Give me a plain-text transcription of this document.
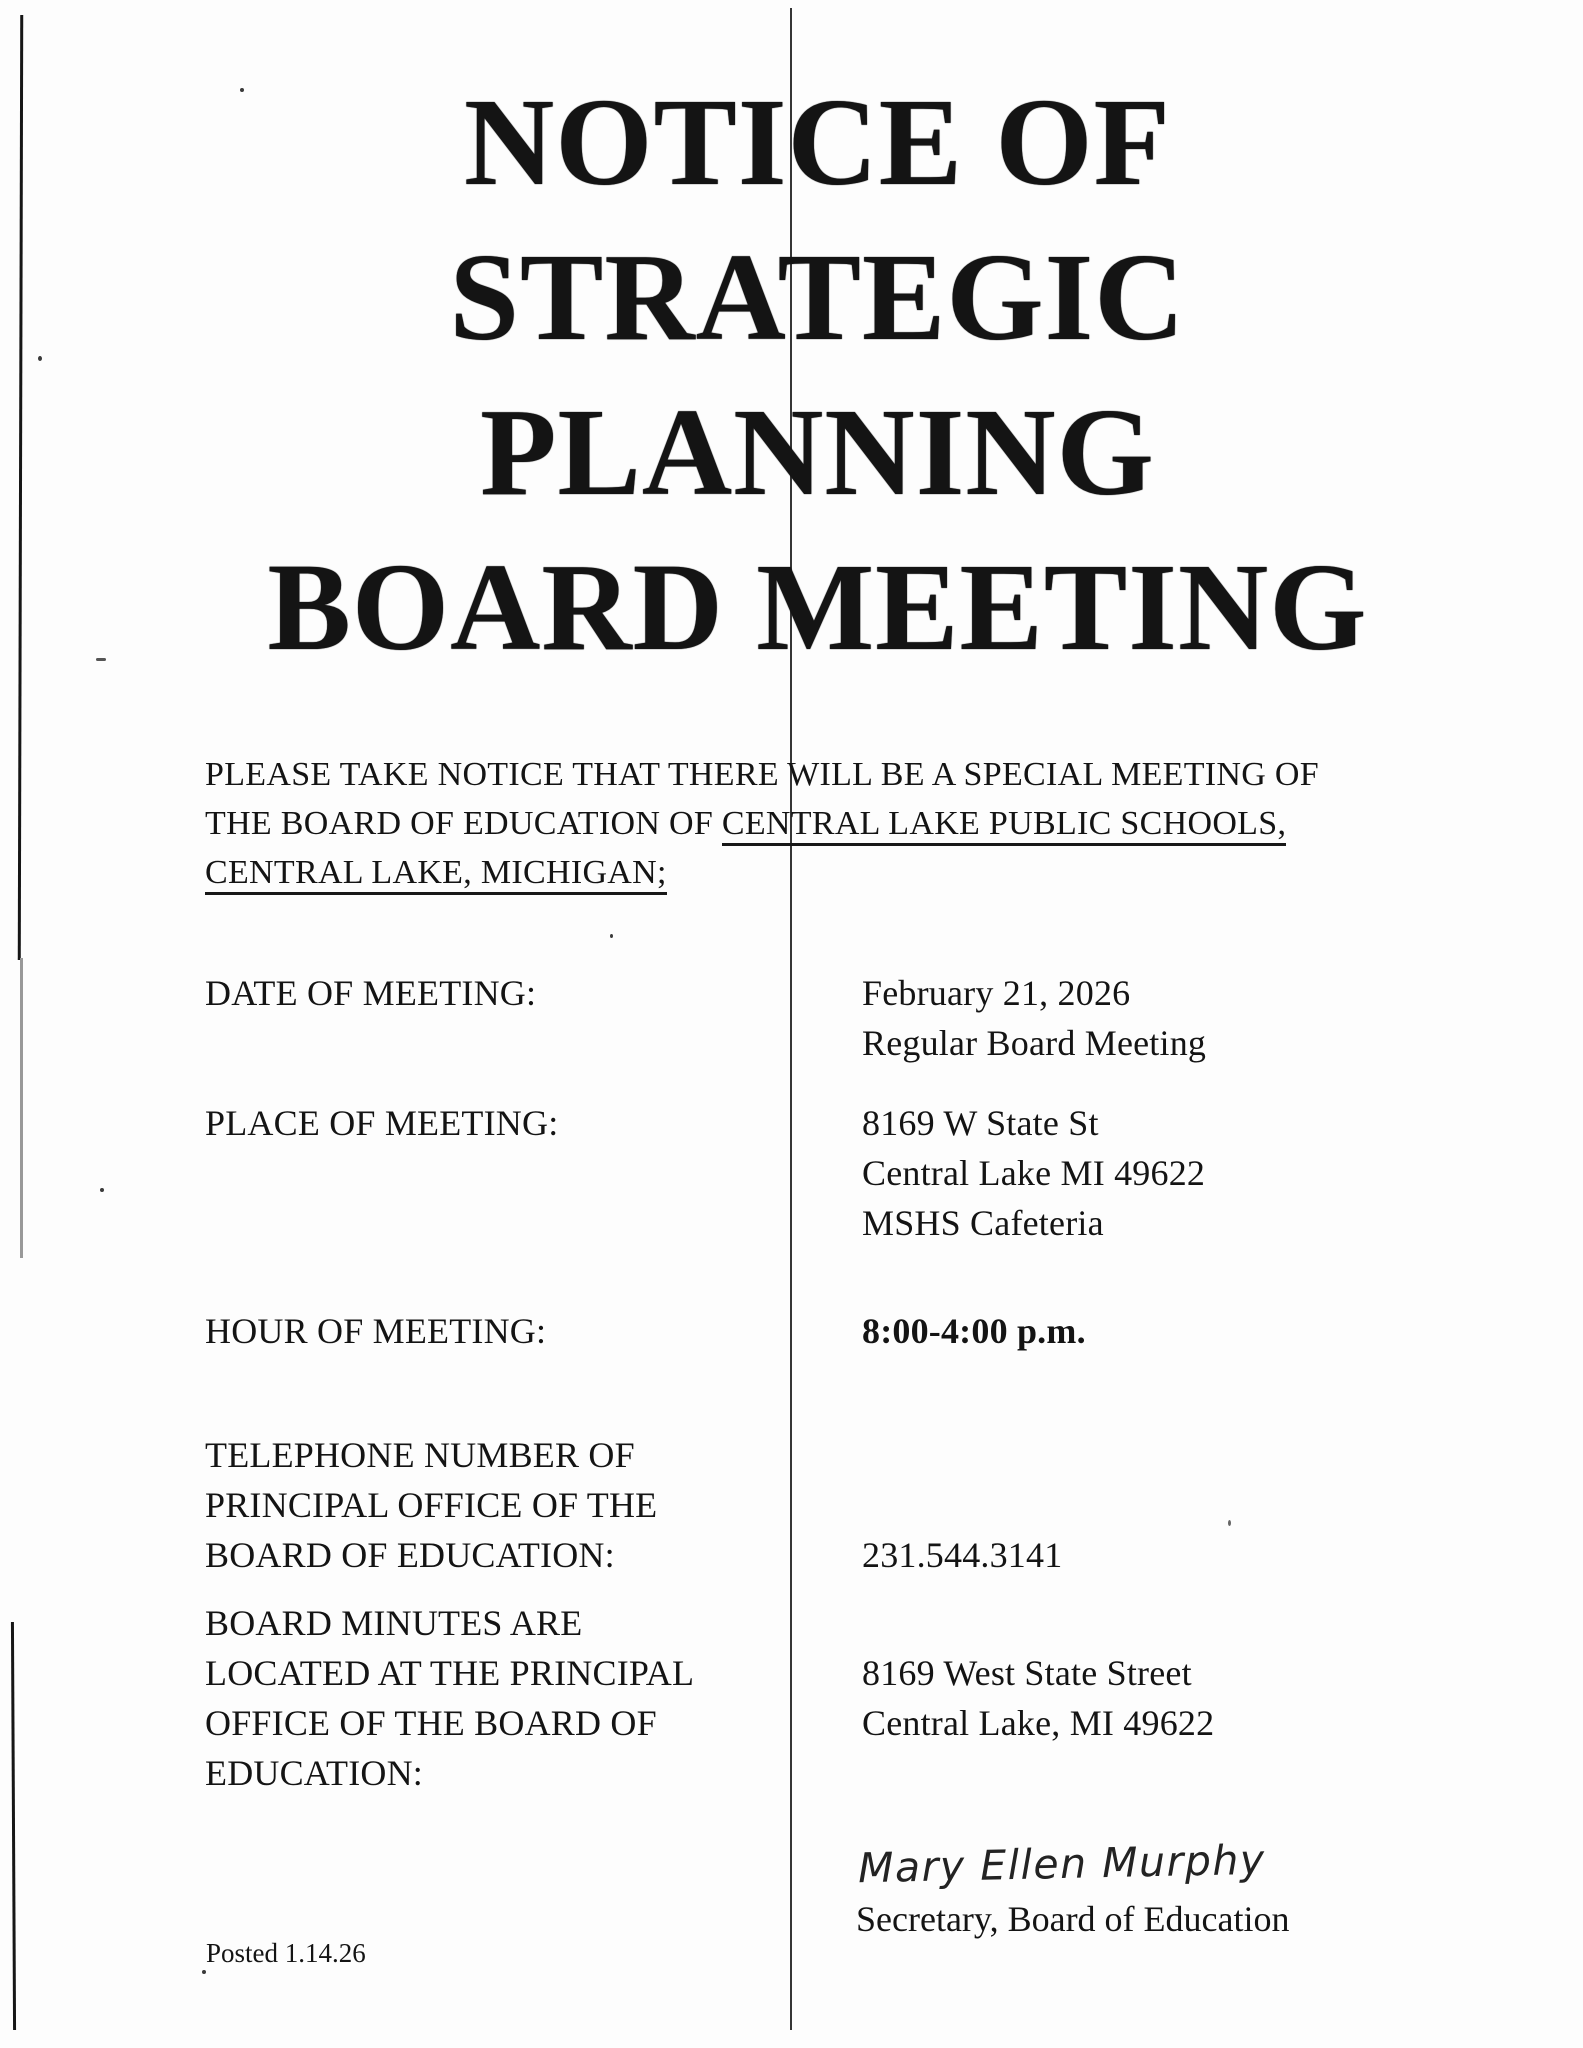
NOTICE OF
STRATEGIC
PLANNING
BOARD MEETING
PLEASE TAKE NOTICE THAT THERE WILL BE A SPECIAL MEETING OF
THE BOARD OF EDUCATION OF CENTRAL LAKE PUBLIC SCHOOLS,
CENTRAL LAKE, MICHIGAN;
DATE OF MEETING:	February 21, 2026
Regular Board Meeting
PLACE OF MEETING:	8169 W State St
Central Lake MI 49622
MSHS Cafeteria
HOUR OF MEETING:	8:00-4:00 p.m.
TELEPHONE NUMBER OF
PRINCIPAL OFFICE OF THE
BOARD OF EDUCATION:	231.544.3141
BOARD MINUTES ARE
LOCATED AT THE PRINCIPAL
OFFICE OF THE BOARD OF
EDUCATION:
8169 West State Street
Central Lake, MI 49622
Mary Ellen Murphy
Secretary, Board of Education
Posted 1.14.26
